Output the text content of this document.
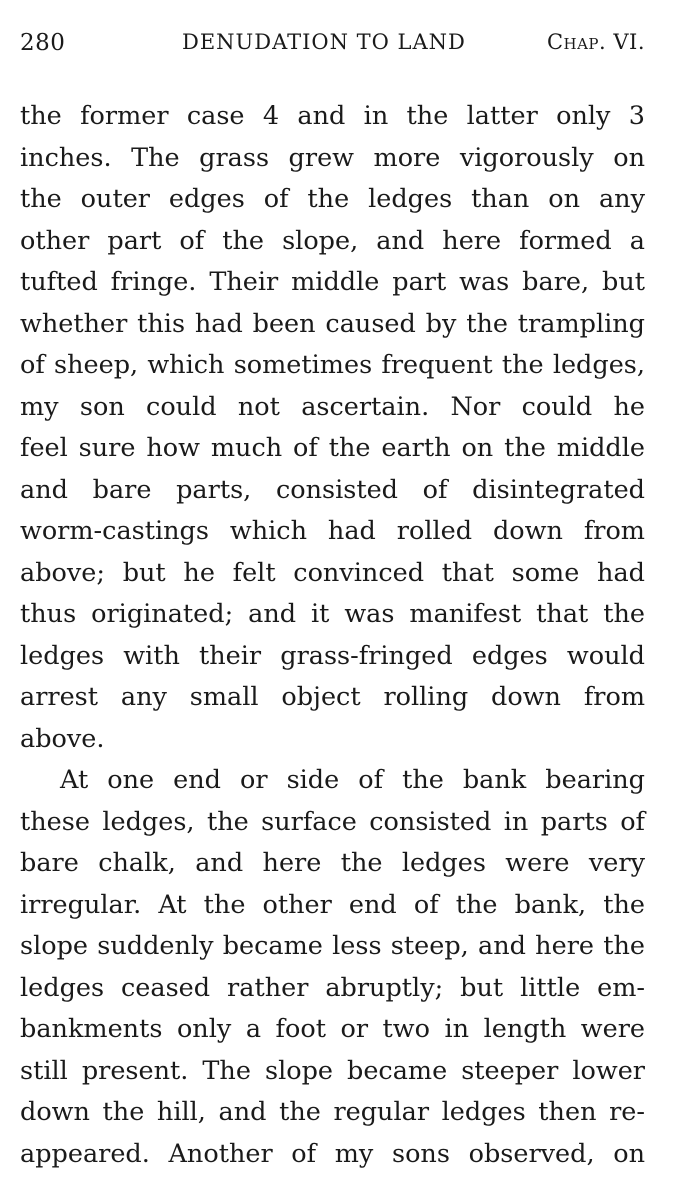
280	DENUDATION TO LAND	Chap. VI.
the former case 4 and in the latter only 3
inches. The grass grew more vigorously on
the outer edges of the ledges than on any
other part of the slope, and here formed a
tufted fringe. Their middle part was bare, but
whether this had been caused by the trampling
of sheep, which sometimes frequent the ledges,
my son could not ascertain. Nor could he
feel sure how much of the earth on the middle
and bare parts, consisted of disintegrated
worm-castings which had rolled down from
above; but he felt convinced that some had
thus originated; and it was manifest that the
ledges with their grass-fringed edges would
arrest any small object rolling down from
above.
At one end or side of the bank bearing
these ledges, the surface consisted in parts of
bare chalk, and here the ledges were very
irregular. At the other end of the bank, the
slope suddenly became less steep, and here the
ledges ceased rather abruptly; but little em-
bankments only a foot or two in length were
still present. The slope became steeper lower
down the hill, and the regular ledges then re-
appeared. Another of my sons observed, on
